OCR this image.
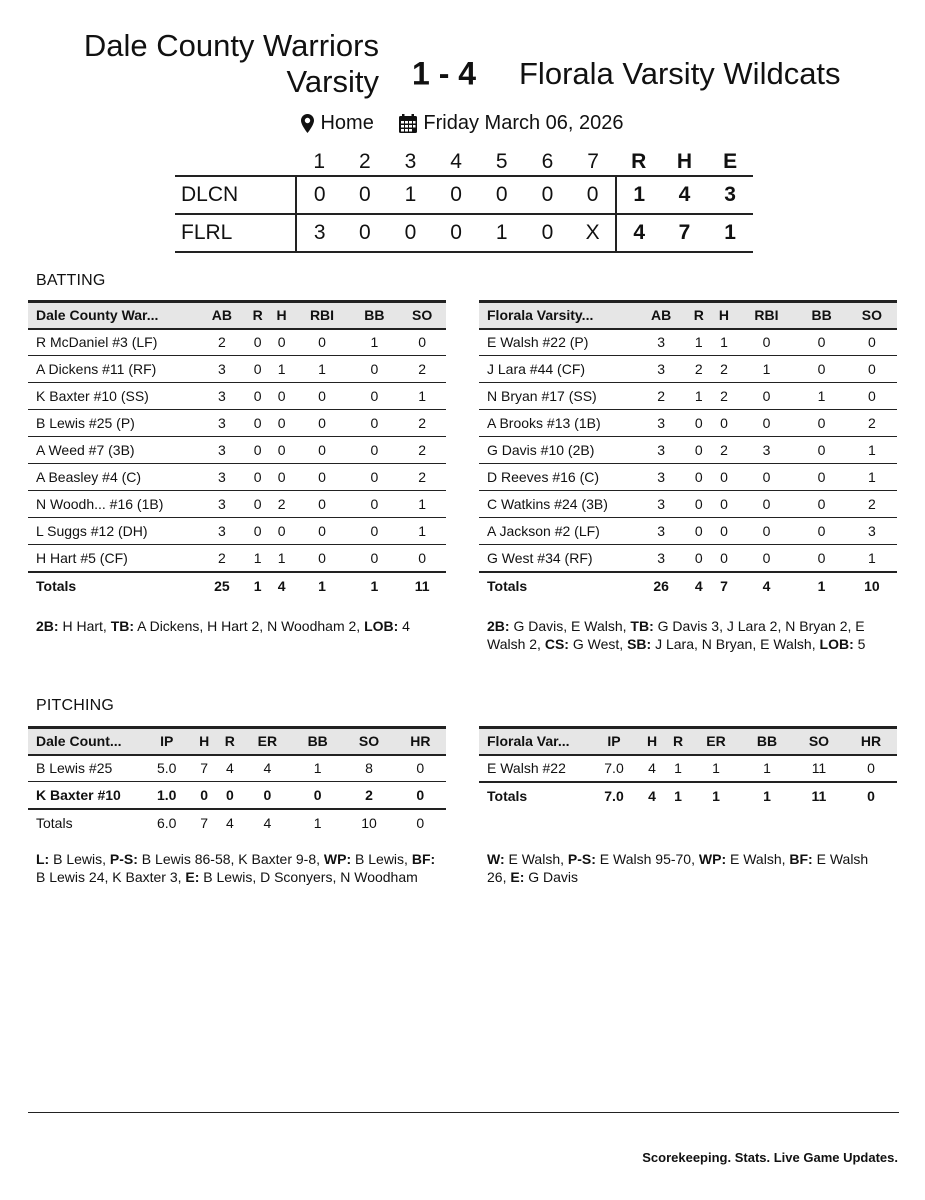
Dale County Warriors
Varsity 1 - 4 Florala Varsity Wildcats
Home
Friday March 06, 2026
	1	2	3	4	5	6	7	R	H	E
DLCN	0	0	1	0	0	0	0	1	4	3
FLRL	3	0	0	0	1	0	X	4	7	1
BATTING
Dale County War...	AB	R	H	RBI	BB	SO
R McDaniel #3 (LF)	2	0	0	0	1	0
A Dickens #11 (RF)	3	0	1	1	0	2
K Baxter #10 (SS)	3	0	0	0	0	1
B Lewis #25 (P)	3	0	0	0	0	2
A Weed #7 (3B)	3	0	0	0	0	2
A Beasley #4 (C)	3	0	0	0	0	2
N Woodh... #16 (1B)	3	0	2	0	0	1
L Suggs #12 (DH)	3	0	0	0	0	1
H Hart #5 (CF)	2	1	1	0	0	0
Totals	25	1	4	1	1	11
Florala Varsity...	AB	R	H	RBI	BB	SO
E Walsh #22 (P)	3	1	1	0	0	0
J Lara #44 (CF)	3	2	2	1	0	0
N Bryan #17 (SS)	2	1	2	0	1	0
A Brooks #13 (1B)	3	0	0	0	0	2
G Davis #10 (2B)	3	0	2	3	0	1
D Reeves #16 (C)	3	0	0	0	0	1
C Watkins #24 (3B)	3	0	0	0	0	2
A Jackson #2 (LF)	3	0	0	0	0	3
G West #34 (RF)	3	0	0	0	0	1
Totals	26	4	7	4	1	10
2B: H Hart, TB: A Dickens, H Hart 2, N Woodham 2, LOB: 4	2B: G Davis, E Walsh, TB: G Davis 3, J Lara 2, N Bryan 2, E Walsh 2, CS: G West, SB: J Lara, N Bryan, E Walsh, LOB: 5
PITCHING
Dale Count...	IP	H	R	ER	BB	SO	HR
B Lewis #25	5.0	7	4	4	1	8	0
K Baxter #10	1.0	0	0	0	0	2	0
Totals	6.0	7	4	4	1	10	0
Florala Var...	IP	H	R	ER	BB	SO	HR
E Walsh #22	7.0	4	1	1	1	11	0
Totals	7.0	4	1	1	1	11	0
L: B Lewis, P-S: B Lewis 86-58, K Baxter 9-8, WP: B Lewis, BF: B Lewis 24, K Baxter 3, E: B Lewis, D Sconyers, N Woodham
W: E Walsh, P-S: E Walsh 95-70, WP: E Walsh, BF: E Walsh 26, E: G Davis
Scorekeeping. Stats. Live Game Updates.
